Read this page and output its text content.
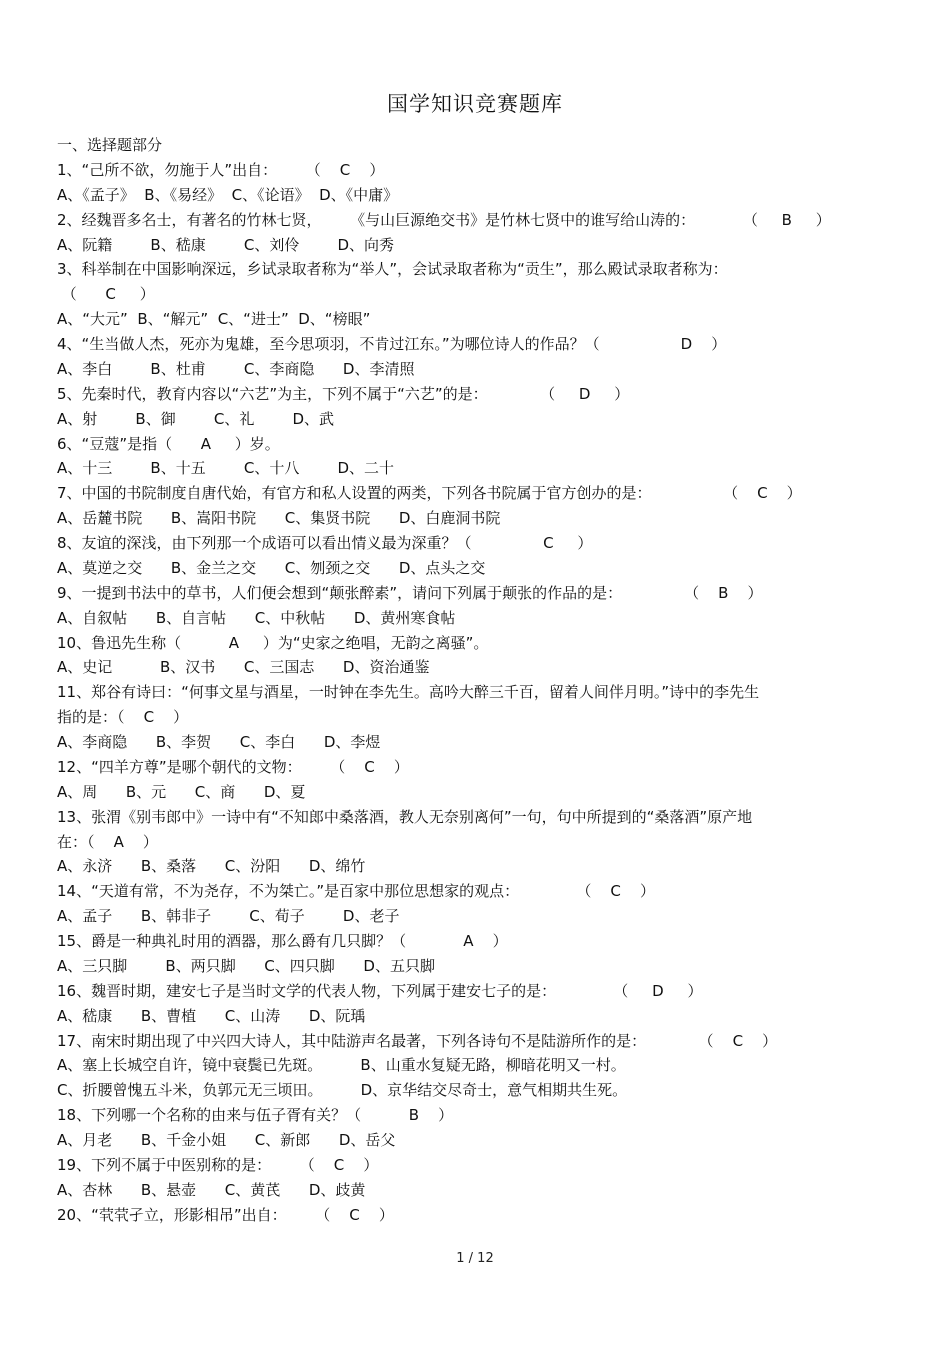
国学知识竞赛题库
一、选择题部分
1、“己所不欲，勿施于人”出自：      （    C    ）
A、《孟子》  B、《易经》  C、《论语》  D、《中庸》
2、经魏晋多名士，有著名的竹林七贤，      《与山巨源绝交书》是竹林七贤中的谁写给山涛的：          （     B     ）
A、阮籍        B、嵇康        C、刘伶        D、向秀
3、科举制在中国影响深远，乡试录取者称为“举人”，会试录取者称为“贡生”，那么殿试录取者称为：
（      C     ）
A、“大元”  B、“解元”  C、“进士”  D、“榜眼”
4、“生当做人杰，死亦为鬼雄，至今思项羽，不肯过江东。”为哪位诗人的作品？（                 D    ）
A、李白        B、杜甫        C、李商隐      D、李清照
5、先秦时代，教育内容以“六艺”为主，下列不属于“六艺”的是：           （     D     ）
A、射        B、御        C、礼        D、武
6、“豆蔻”是指（      A     ）岁。
A、十三        B、十五        C、十八        D、二十
7、中国的书院制度自唐代始，有官方和私人设置的两类，下列各书院属于官方创办的是：               （    C    ）
A、岳麓书院      B、嵩阳书院      C、集贤书院      D、白鹿洞书院
8、友谊的深浅，由下列那一个成语可以看出情义最为深重？（               C     ）
A、莫逆之交      B、金兰之交      C、刎颈之交      D、点头之交
9、一提到书法中的草书，人们便会想到“颠张醉素”，请问下列属于颠张的作品的是：             （    B    ）
A、自叙帖      B、自言帖      C、中秋帖      D、黄州寒食帖
10、鲁迅先生称（          A     ）为“史家之绝唱，无韵之离骚”。
A、史记          B、汉书      C、三国志      D、资治通鉴
11、郑谷有诗曰：“何事文星与酒星，一时钟在李先生。高吟大醉三千百，留着人间伴月明。”诗中的李先生
指的是：（    C    ）
A、李商隐      B、李贺      C、李白      D、李煜
12、“四羊方尊”是哪个朝代的文物：      （    C    ）
A、周      B、元      C、商      D、夏
13、张渭《别韦郎中》一诗中有“不知郎中桑落酒，教人无奈别离何”一句，句中所提到的“桑落酒”原产地
在：（    A    ）
A、永济      B、桑落      C、汾阳      D、绵竹
14、“天道有常，不为尧存，不为桀亡。”是百家中那位思想家的观点：            （    C    ）
A、孟子      B、韩非子        C、荀子        D、老子
15、爵是一种典礼时用的酒器，那么爵有几只脚？（            A    ）
A、三只脚        B、两只脚      C、四只脚      D、五只脚
16、魏晋时期，建安七子是当时文学的代表人物，下列属于建安七子的是：            （     D     ）
A、嵇康      B、曹植      C、山涛      D、阮瑀
17、南宋时期出现了中兴四大诗人，其中陆游声名最著，下列各诗句不是陆游所作的是：           （    C    ）
A、塞上长城空自许，镜中衰鬓已先斑。        B、山重水复疑无路，柳暗花明又一村。
C、折腰曾愧五斗米，负郭元无三顷田。        D、京华结交尽奇士，意气相期共生死。
18、下列哪一个名称的由来与伍子胥有关？（          B    ）
A、月老      B、千金小姐      C、新郎      D、岳父
19、下列不属于中医别称的是：      （    C    ）
A、杏林      B、悬壶      C、黄芪      D、歧黄
20、“茕茕孑立，形影相吊”出自：      （    C    ）
1 / 12
